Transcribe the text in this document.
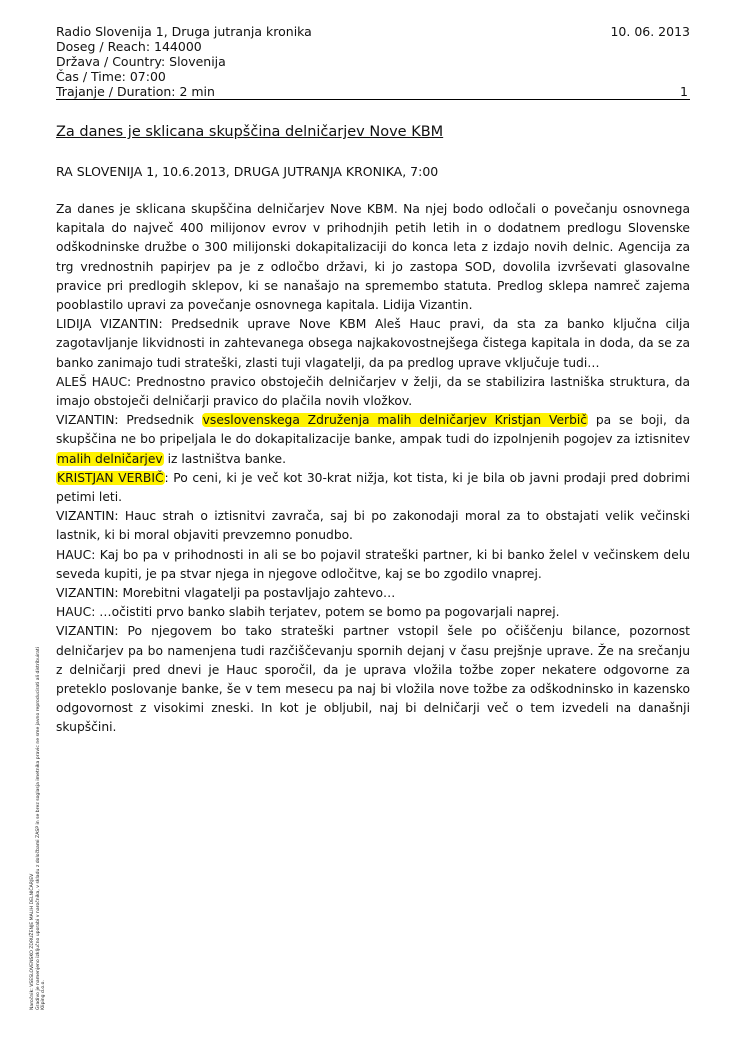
Radio Slovenija 1, Druga jutranja kronika
Doseg / Reach: 144000
Država / Country: Slovenija
Čas / Time: 07:00
Trajanje / Duration: 2 min
10. 06. 2013
1
Za danes je sklicana skupščina delničarjev Nove KBM
RA SLOVENIJA 1, 10.6.2013, DRUGA JUTRANJA KRONIKA, 7:00

Za danes je sklicana skupščina delničarjev Nove KBM. Na njej bodo odločali o povečanju osnovnega kapitala do največ 400 milijonov evrov v prihodnjih petih letih in o dodatnem predlogu Slovenske odškodninske družbe o 300 milijonski dokapitalizaciji do konca leta z izdajo novih delnic. Agencija za trg vrednostnih papirjev pa je z odločbo državi, ki jo zastopa SOD, dovolila izvrševati glasovalne pravice pri predlogih sklepov, ki se nanašajo na spremembo statuta. Predlog sklepa namreč zajema pooblastilo upravi za povečanje osnovnega kapitala. Lidija Vizantin.

LIDIJA VIZANTIN: Predsednik uprave Nove KBM Aleš Hauc pravi, da sta za banko ključna cilja zagotavljanje likvidnosti in zahtevanega obsega najkakovostnejšega čistega kapitala in doda, da se za banko zanimajo tudi strateški, zlasti tuji vlagatelji, da pa predlog uprave vključuje tudi…

ALEŠ HAUC: Prednostno pravico obstoječih delničarjev v želji, da se stabilizira lastniška struktura, da imajo obstoječi delničarji pravico do plačila novih vložkov.

VIZANTIN: Predsednik vseslovenskega Združenja malih delničarjev Kristjan Verbič pa se boji, da skupščina ne bo pripeljala le do dokapitalizacije banke, ampak tudi do izpolnjenih pogojev za iztisnitev malih delničarjev iz lastništva banke.

KRISTJAN VERBIČ: Po ceni, ki je več kot 30-krat nižja, kot tista, ki je bila ob javni prodaji pred dobrimi petimi leti.

VIZANTIN: Hauc strah o iztisnitvi zavrača, saj bi po zakonodaji moral za to obstajati velik večinski lastnik, ki bi moral objaviti prevzemno ponudbo.

HAUC: Kaj bo pa v prihodnosti in ali se bo pojavil strateški partner, ki bi banko želel v večinskem delu seveda kupiti, je pa stvar njega in njegove odločitve, kaj se bo zgodilo vnaprej.

VIZANTIN: Morebitni vlagatelji pa postavljajo zahtevo…

HAUC: …očistiti prvo banko slabih terjatev, potem se bomo pa pogovarjali naprej.

VIZANTIN: Po njegovem bo tako strateški partner vstopil šele po očiščenju bilance, pozornost delničarjev pa bo namenjena tudi razčiščevanju spornih dejanj v času prejšnje uprave. Že na srečanju z delničarji pred dnevi je Hauc sporočil, da je uprava vložila tožbe zoper nekatere odgovorne za preteklo poslovanje banke, še v tem mesecu pa naj bi vložila nove tožbe za odškodninsko in kazensko odgovornost z visokimi zneski. In kot je obljubil, naj bi delničarji več o tem izvedeli na današnji skupščini.

Naročnik: VSESLOVENSKO ZDRUŽENJE MALIH DELNIČARJEV Gradivo je namenjeno izključno uporabi v naročnika, v skladu z določbami ZASP in se brez soglasja imetnika pravic ne sme javno reproducirati ali distribuirati Kliping d.o.o.
